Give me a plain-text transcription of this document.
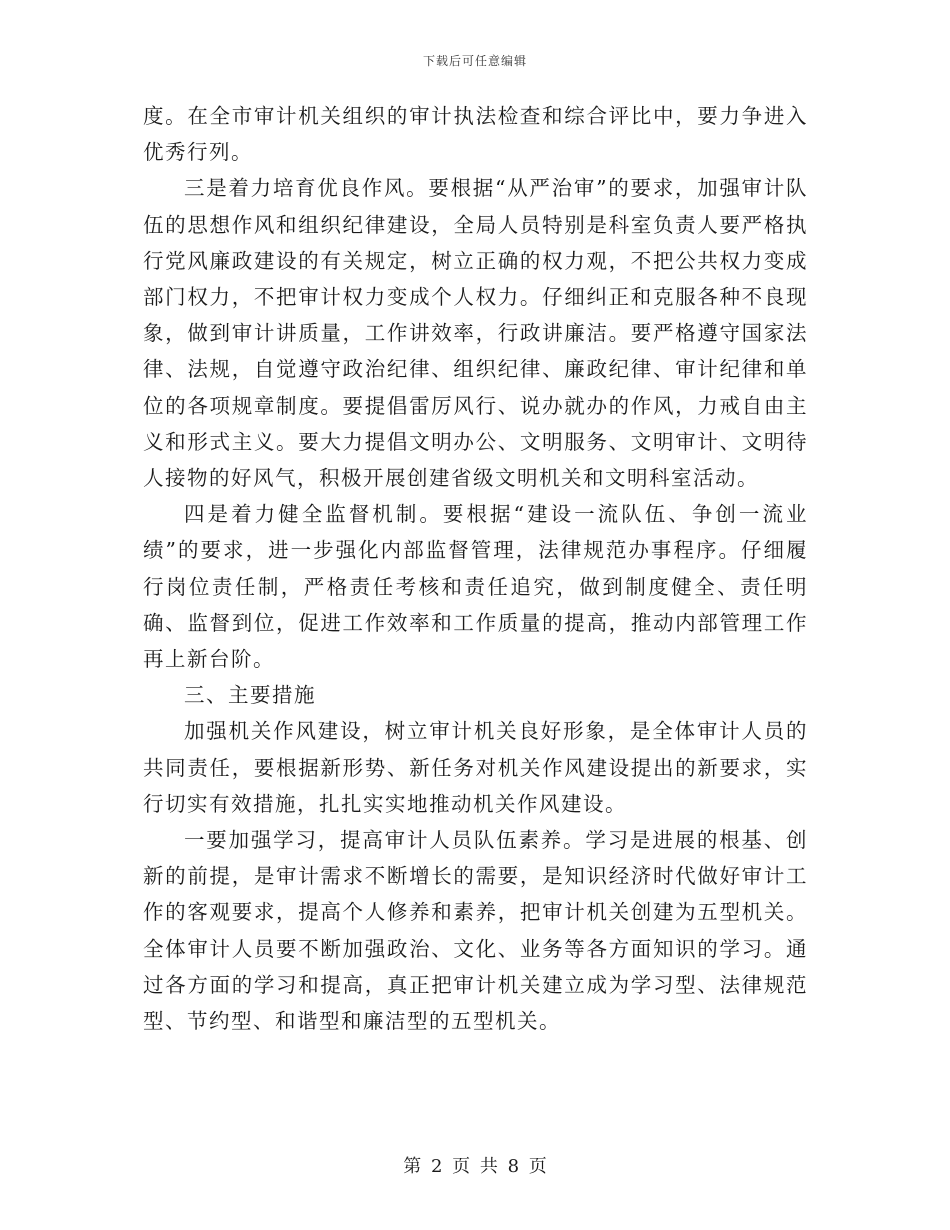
下载后可任意编辑

度。在全市审计机关组织的审计执法检查和综合评比中，要力争进入优秀行列。

三是着力培育优良作风。要根据“从严治审”的要求，加强审计队伍的思想作风和组织纪律建设，全局人员特别是科室负责人要严格执行党风廉政建设的有关规定，树立正确的权力观，不把公共权力变成部门权力，不把审计权力变成个人权力。仔细纠正和克服各种不良现象，做到审计讲质量，工作讲效率，行政讲廉洁。要严格遵守国家法律、法规，自觉遵守政治纪律、组织纪律、廉政纪律、审计纪律和单位的各项规章制度。要提倡雷厉风行、说办就办的作风，力戒自由主义和形式主义。要大力提倡文明办公、文明服务、文明审计、文明待人接物的好风气，积极开展创建省级文明机关和文明科室活动。

四是着力健全监督机制。要根据“建设一流队伍、争创一流业绩”的要求，进一步强化内部监督管理，法律规范办事程序。仔细履行岗位责任制，严格责任考核和责任追究，做到制度健全、责任明确、监督到位，促进工作效率和工作质量的提高，推动内部管理工作再上新台阶。

三、主要措施

加强机关作风建设，树立审计机关良好形象，是全体审计人员的共同责任，要根据新形势、新任务对机关作风建设提出的新要求，实行切实有效措施，扎扎实实地推动机关作风建设。

一要加强学习，提高审计人员队伍素养。学习是进展的根基、创新的前提，是审计需求不断增长的需要，是知识经济时代做好审计工作的客观要求，提高个人修养和素养，把审计机关创建为五型机关。全体审计人员要不断加强政治、文化、业务等各方面知识的学习。通过各方面的学习和提高，真正把审计机关建立成为学习型、法律规范型、节约型、和谐型和廉洁型的五型机关。

第 2 页 共 8 页
